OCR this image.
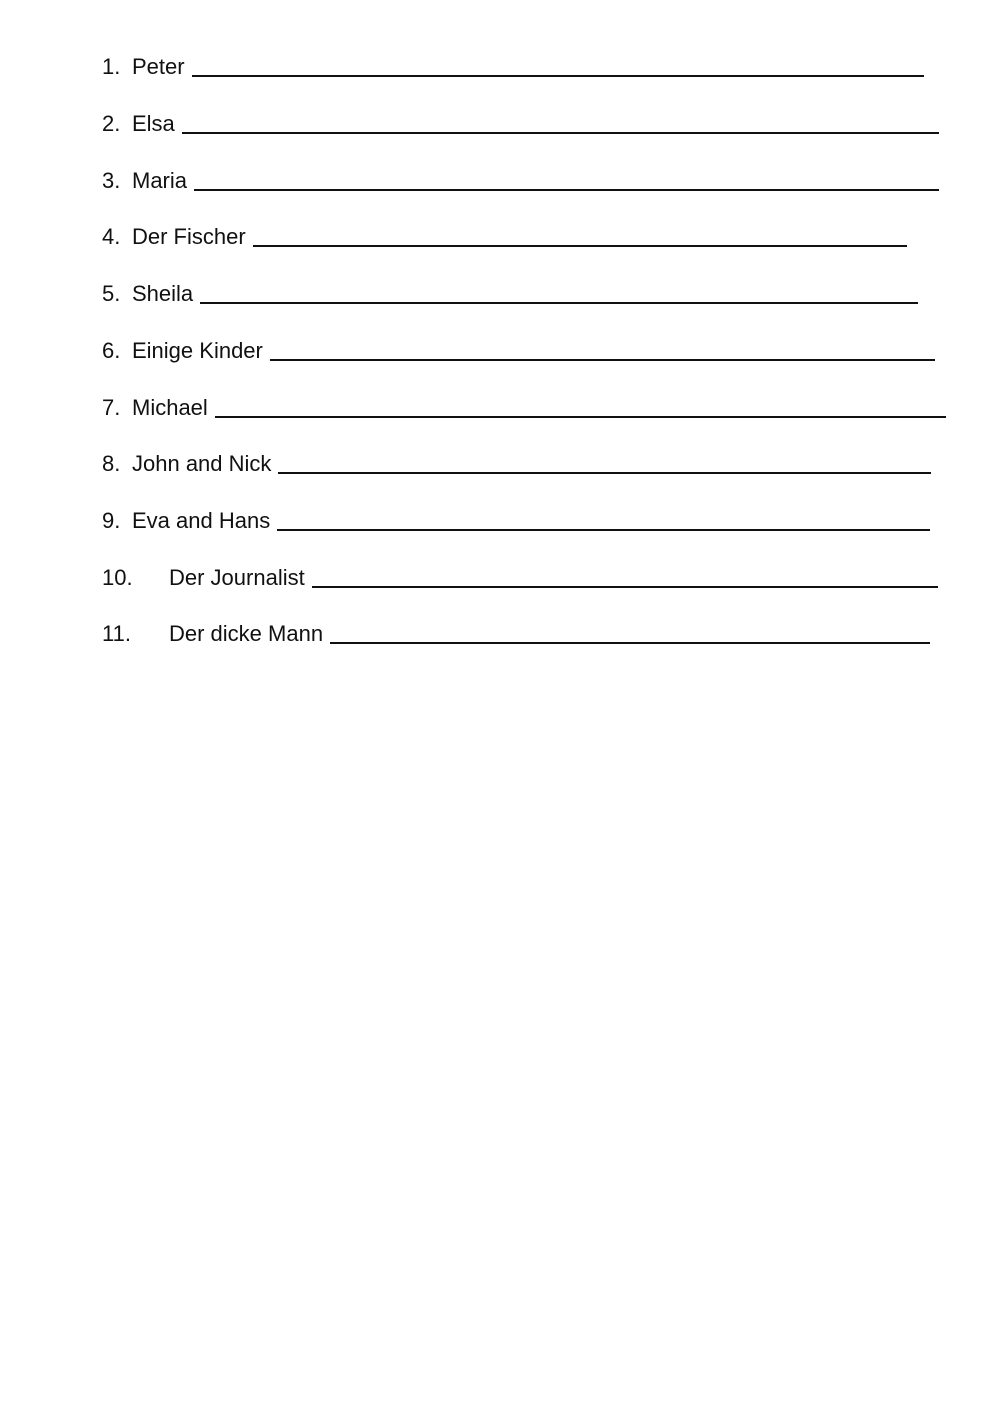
1. Peter
2. Elsa
3. Maria
4. Der Fischer
5. Sheila
6. Einige Kinder
7. Michael
8. John and Nick
9. Eva and Hans
10.	Der Journalist
11.	Der dicke Mann
